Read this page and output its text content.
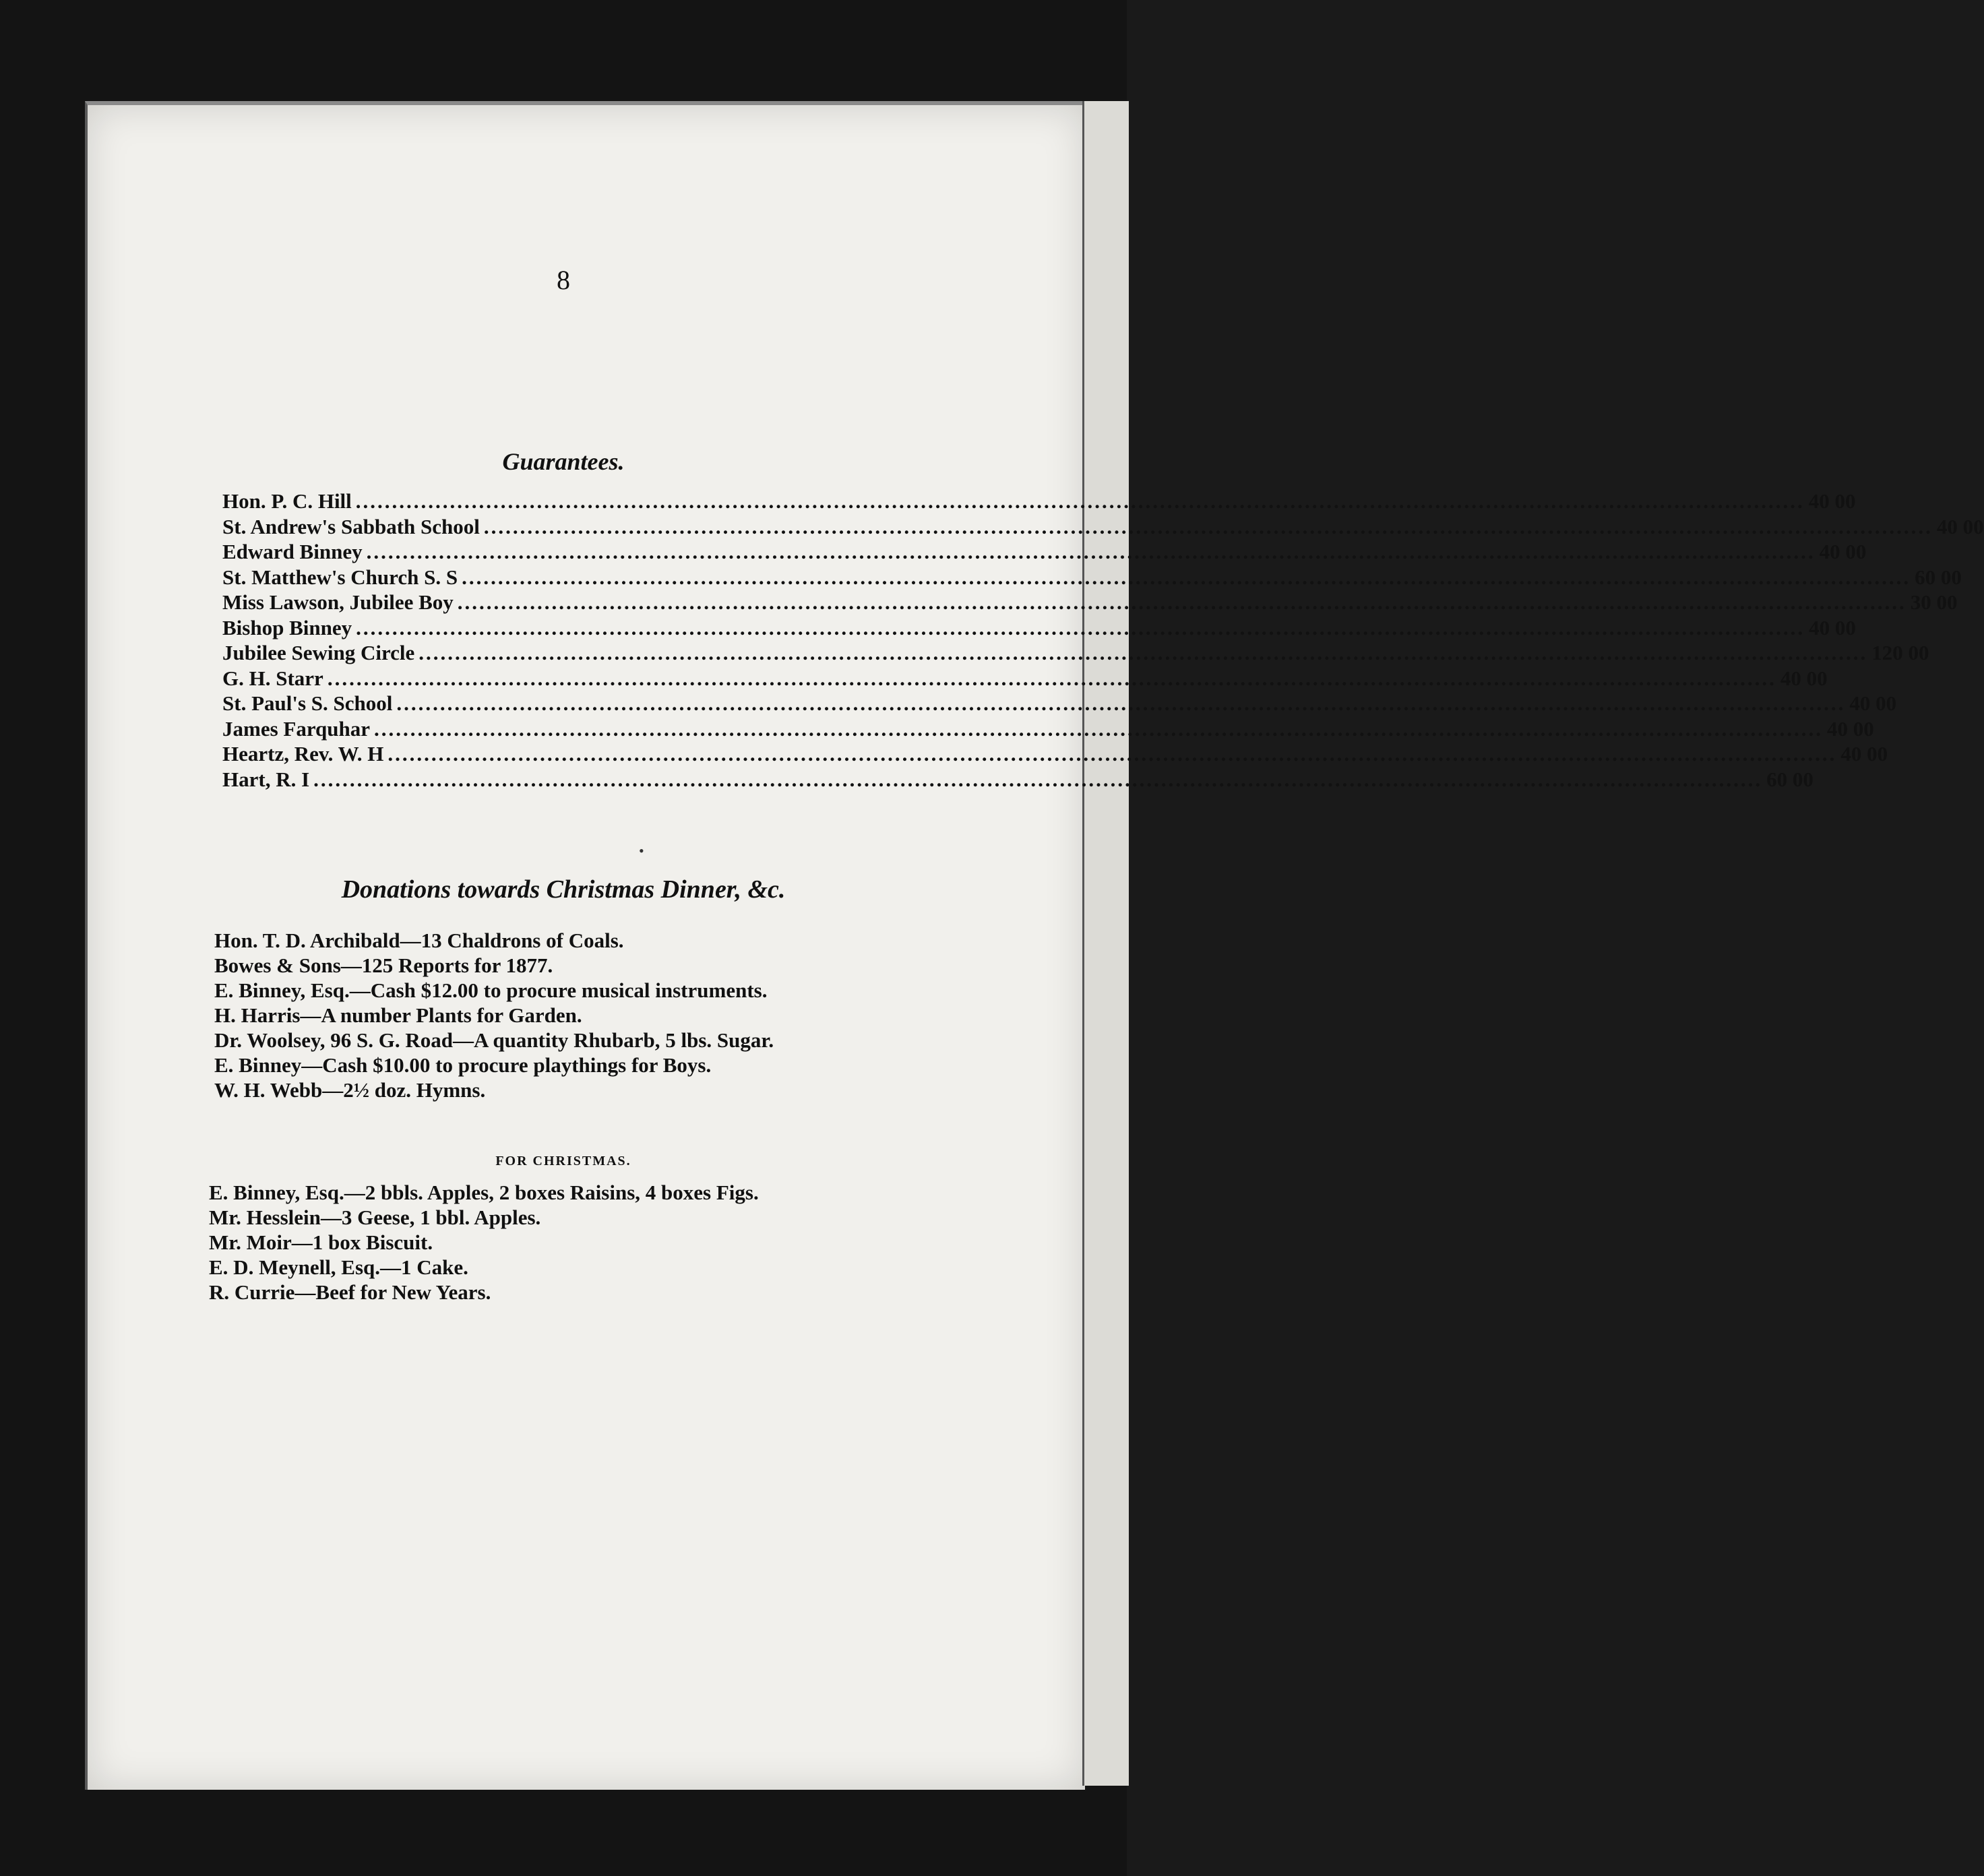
8
Guarantees.
Hon. P. C. Hill ........................................................................................................................................................................................................ 40 00
St. Andrew's Sabbath School ........................................................................................................................................................................................................ 40 00
Edward Binney ........................................................................................................................................................................................................ 40 00
St. Matthew's Church S. S ........................................................................................................................................................................................................ 60 00
Miss Lawson, Jubilee Boy ........................................................................................................................................................................................................ 30 00
Bishop Binney ........................................................................................................................................................................................................ 40 00
Jubilee Sewing Circle ........................................................................................................................................................................................................ 120 00
G. H. Starr ........................................................................................................................................................................................................ 40 00
St. Paul's S. School ........................................................................................................................................................................................................ 40 00
James Farquhar ........................................................................................................................................................................................................ 40 00
Heartz, Rev. W. H ........................................................................................................................................................................................................ 40 00
Hart, R. I ........................................................................................................................................................................................................ 60 00
•
Donations towards Christmas Dinner, &c.
Hon. T. D. Archibald—13 Chaldrons of Coals.
Bowes & Sons—125 Reports for 1877.
E. Binney, Esq.—Cash $12.00 to procure musical instruments.
H. Harris—A number Plants for Garden.
Dr. Woolsey, 96 S. G. Road—A quantity Rhubarb, 5 lbs. Sugar.
E. Binney—Cash $10.00 to procure playthings for Boys.
W. H. Webb—2½ doz. Hymns.
FOR CHRISTMAS.
E. Binney, Esq.—2 bbls. Apples, 2 boxes Raisins, 4 boxes Figs.
Mr. Hesslein—3 Geese, 1 bbl. Apples.
Mr. Moir—1 box Biscuit.
E. D. Meynell, Esq.—1 Cake.
R. Currie—Beef for New Years.
